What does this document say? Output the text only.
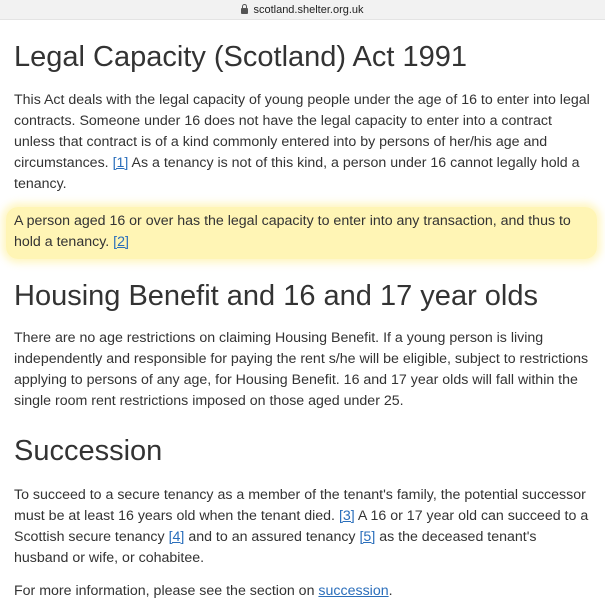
scotland.shelter.org.uk
Legal Capacity (Scotland) Act 1991

This Act deals with the legal capacity of young people under the age of 16 to enter into legal contracts. Someone under 16 does not have the legal capacity to enter into a contract unless that contract is of a kind commonly entered into by persons of her/his age and circumstances. [1] As a tenancy is not of this kind, a person under 16 cannot legally hold a tenancy.

A person aged 16 or over has the legal capacity to enter into any transaction, and thus to hold a tenancy. [2]

Housing Benefit and 16 and 17 year olds

There are no age restrictions on claiming Housing Benefit. If a young person is living independently and responsible for paying the rent s/he will be eligible, subject to restrictions applying to persons of any age, for Housing Benefit. 16 and 17 year olds will fall within the single room rent restrictions imposed on those aged under 25.

Succession

To succeed to a secure tenancy as a member of the tenant's family, the potential successor must be at least 16 years old when the tenant died. [3] A 16 or 17 year old can succeed to a Scottish secure tenancy [4] and to an assured tenancy [5] as the deceased tenant's husband or wife, or cohabitee.

For more information, please see the section on succession.
